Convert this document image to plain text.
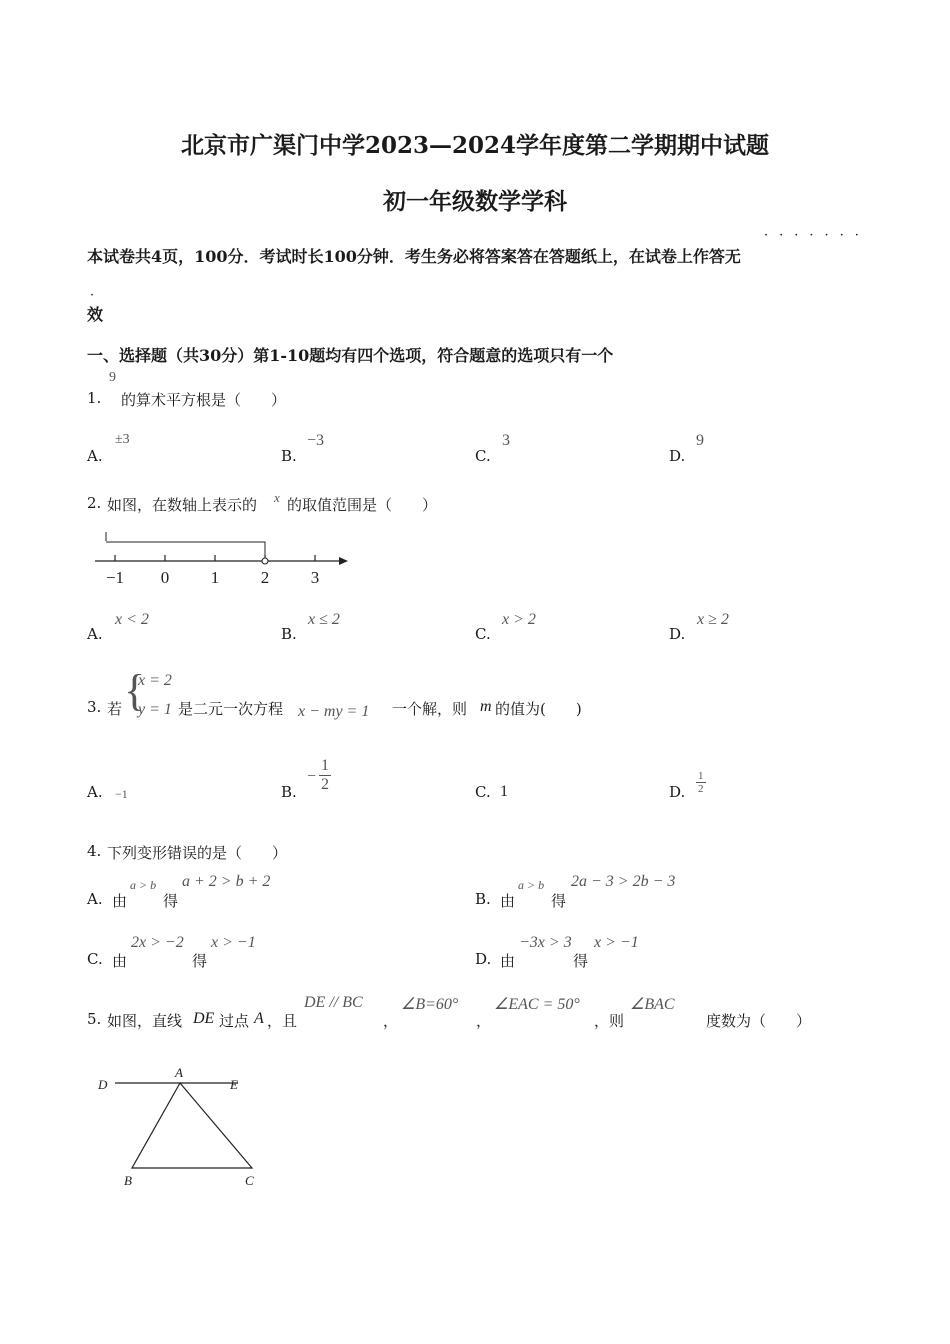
北京市广渠门中学2023—2024学年度第二学期期中试题
初一年级数学学科
本试卷共4页，100分．考试时长100分钟．考生务必将答案答在答题纸上，在试卷上作答无
·······
·
效
一、选择题（共30分）第1-10题均有四个选项，符合题意的选项只有一个
1.
9
的算术平方根是（　　）
A.
±3
B.
−3
C.
3
D.
9
2. 如图，在数轴上表示的 x 的取值范围是（　　）
−1 0 1 2 3
A.
x < 2
B.
x ≤ 2
C.
x > 2
D.
x ≥ 2
3. 若 {
x = 2
y = 1 是二元一次方程 x − my = 1 一个解，则 m 的值为(　　)
A. −1	B.
− $\frac{1}{2}$	C. 1	D. $\frac{1}{2}$
4. 下列变形错误的是（　　）
A. 由
a > b
得
a + 2 > b + 2
B. 由
a > b
得
2a − 3 > 2b − 3
C. 由
2x > −2
得
x > −1
D. 由
−3x > 3
得
x > −1
5. 如图，直线 DE 过点 A ，且
DE // BC
，
∠B=60°
，
∠EAC = 50°
，则
∠BAC
度数为（　　）
D
A
E
B	C
